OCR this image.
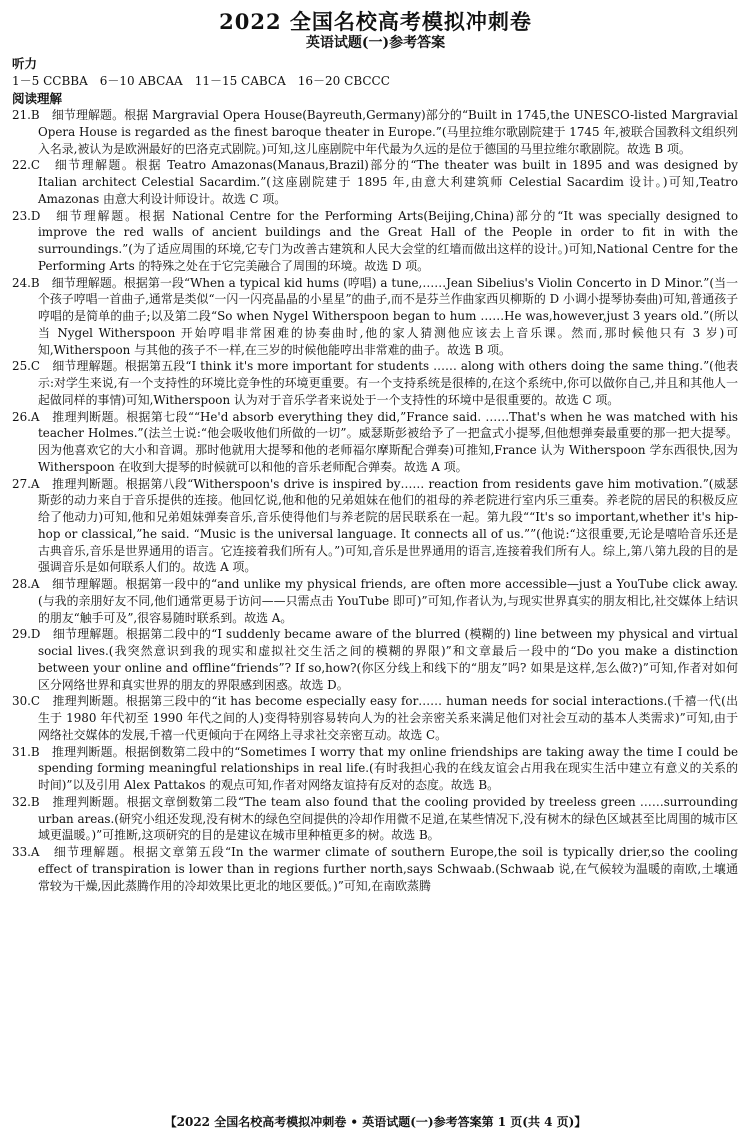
2022 全国名校高考模拟冲刺卷
英语试题(一)参考答案
听力
1－5 CCBBA　6－10 ABCAA　11－15 CABCA　16－20 CBCCC
阅读理解

21.B　细节理解题。根据 Margravial Opera House(Bayreuth,Germany)部分的“Built in 1745,the UNESCO-listed Margravial Opera House is regarded as the finest baroque theater in Europe.”(马里拉维尔歌剧院建于 1745 年,被联合国教科文组织列入名录,被认为是欧洲最好的巴洛克式剧院。)可知,这儿座剧院中年代最为久远的是位于德国的马里拉维尔歌剧院。故选 B 项。

22.C　细节理解题。根据 Teatro Amazonas(Manaus,Brazil)部分的“The theater was built in 1895 and was designed by Italian architect Celestial Sacardim.”(这座剧院建于 1895 年,由意大利建筑师 Celestial Sacardim 设计。)可知,Teatro Amazonas 由意大利设计师设计。故选 C 项。

23.D　细节理解题。根据 National Centre for the Performing Arts(Beijing,China)部分的“It was specially designed to improve the red walls of ancient buildings and the Great Hall of the People in order to fit in with the surroundings.”(为了适应周围的环境,它专门为改善古建筑和人民大会堂的红墙而做出这样的设计。)可知,National Centre for the Performing Arts 的特殊之处在于它完美融合了周围的环境。故选 D 项。

24.B　细节理解题。根据第一段“When a typical kid hums (哼唱) a tune,……Jean Sibelius's Violin Concerto in D Minor.”(当一个孩子哼唱一首曲子,通常是类似“一闪一闪亮晶晶的小星星”的曲子,而不是芬兰作曲家西贝柳斯的 D 小调小提琴协奏曲)可知,普通孩子哼唱的是简单的曲子;以及第二段“So when Nygel Witherspoon began to hum ……He was,however,just 3 years old.”(所以当 Nygel Witherspoon 开始哼唱非常困难的协奏曲时,他的家人猜测他应该去上音乐课。然而,那时候他只有 3 岁)可知,Witherspoon 与其他的孩子不一样,在三岁的时候他能哼出非常难的曲子。故选 B 项。

25.C　细节理解题。根据第五段“I think it's more important for students …… along with others doing the same thing.”(他表示:对学生来说,有一个支持性的环境比竞争性的环境更重要。有一个支持系统是很棒的,在这个系统中,你可以做你自己,并且和其他人一起做同样的事情)可知,Witherspoon 认为对于音乐学者来说处于一个支持性的环境中是很重要的。故选 C 项。

26.A　推理判断题。根据第七段““He'd absorb everything they did,”France said. ……That's when he was matched with his teacher Holmes.”(法兰士说:“他会吸收他们所做的一切”。威瑟斯彭被给予了一把盒式小提琴,但他想弹奏最重要的那一把大提琴。因为他喜欢它的大小和音调。那时他就用大提琴和他的老师福尔摩斯配合弹奏)可推知,France 认为 Witherspoon 学东西很快,因为 Witherspoon 在收到大提琴的时候就可以和他的音乐老师配合弹奏。故选 A 项。

27.A　推理判断题。根据第八段“Witherspoon's drive is inspired by…… reaction from residents gave him motivation.”(威瑟斯彭的动力来自于音乐提供的连接。他回忆说,他和他的兄弟姐妹在他们的祖母的养老院进行室内乐三重奏。养老院的居民的积极反应给了他动力)可知,他和兄弟姐妹弹奏音乐,音乐使得他们与养老院的居民联系在一起。第九段““It's so important,whether it's hip-hop or classical,”he said. “Music is the universal language. It connects all of us.””(他说:“这很重要,无论是嘻哈音乐还是古典音乐,音乐是世界通用的语言。它连接着我们所有人。”)可知,音乐是世界通用的语言,连接着我们所有人。综上,第八第九段的目的是强调音乐是如何联系人们的。故选 A 项。

28.A　细节理解题。根据第一段中的“and unlike my physical friends, are often more accessible—just a YouTube click away.(与我的亲朋好友不同,他们通常更易于访问——只需点击 YouTube 即可)”可知,作者认为,与现实世界真实的朋友相比,社交媒体上结识的朋友“触手可及”,很容易随时联系到。故选 A。

29.D　细节理解题。根据第二段中的“I suddenly became aware of the blurred (模糊的) line between my physical and virtual social lives.(我突然意识到我的现实和虚拟社交生活之间的模糊的界限)”和文章最后一段中的“Do you make a distinction between your online and offline“friends”? If so,how?(你区分线上和线下的“朋友”吗? 如果是这样,怎么做?)”可知,作者对如何区分网络世界和真实世界的朋友的界限感到困惑。故选 D。

30.C　推理判断题。根据第三段中的“it has become especially easy for…… human needs for social interactions.(千禧一代(出生于 1980 年代初至 1990 年代之间的人)变得特别容易转向人为的社会亲密关系来满足他们对社会互动的基本人类需求)”可知,由于网络社交媒体的发展,千禧一代更倾向于在网络上寻求社交亲密互动。故选 C。

31.B　推理判断题。根据倒数第二段中的“Sometimes I worry that my online friendships are taking away the time I could be spending forming meaningful relationships in real life.(有时我担心我的在线友谊会占用我在现实生活中建立有意义的关系的时间)”以及引用 Alex Pattakos 的观点可知,作者对网络友谊持有反对的态度。故选 B。

32.B　推理判断题。根据文章倒数第二段“The team also found that the cooling provided by treeless green ……surrounding urban areas.(研究小组还发现,没有树木的绿色空间提供的冷却作用微不足道,在某些情况下,没有树木的绿色区域甚至比周围的城市区域更温暖。)”可推断,这项研究的目的是建议在城市里种植更多的树。故选 B。

33.A　细节理解题。根据文章第五段“In the warmer climate of southern Europe,the soil is typically drier,so the cooling effect of transpiration is lower than in regions further north,says Schwaab.(Schwaab 说,在气候较为温暖的南欧,土壤通常较为干燥,因此蒸腾作用的冷却效果比更北的地区要低。)”可知,在南欧蒸腾

【2022 全国名校高考模拟冲刺卷 • 英语试题(一)参考答案第 1 页(共 4 页)】
